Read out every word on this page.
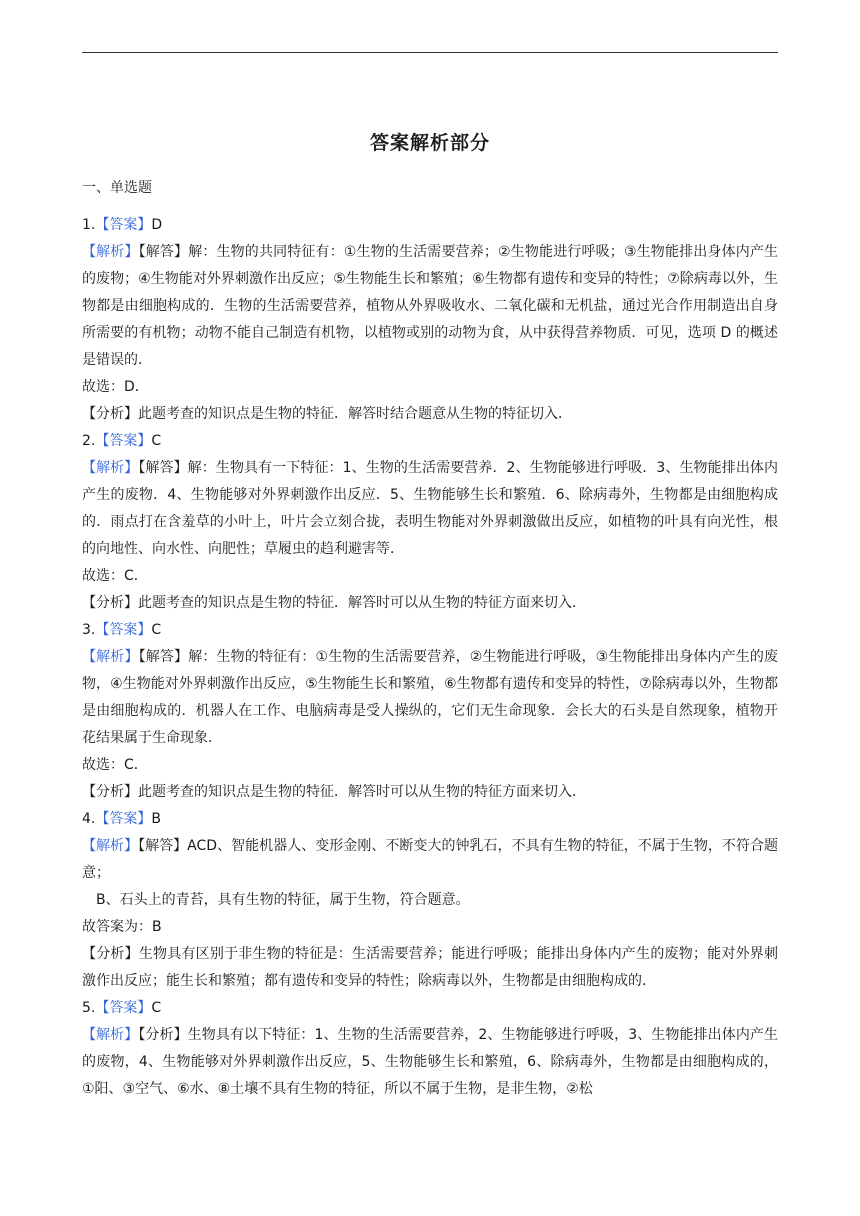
答案解析部分
一、单选题

1.【答案】D

【解析】【解答】解：生物的共同特征有：①生物的生活需要营养；②生物能进行呼吸；③生物能排出身体内产生的废物；④生物能对外界刺激作出反应；⑤生物能生长和繁殖；⑥生物都有遗传和变异的特性；⑦除病毒以外，生物都是由细胞构成的．生物的生活需要营养，植物从外界吸收水、二氧化碳和无机盐，通过光合作用制造出自身所需要的有机物；动物不能自己制造有机物，以植物或别的动物为食，从中获得营养物质．可见，选项 D 的概述是错误的．

故选：D．

【分析】此题考查的知识点是生物的特征．解答时结合题意从生物的特征切入．

2.【答案】C

【解析】【解答】解：生物具有一下特征：1、生物的生活需要营养．2、生物能够进行呼吸．3、生物能排出体内产生的废物．4、生物能够对外界刺激作出反应．5、生物能够生长和繁殖．6、除病毒外，生物都是由细胞构成的．雨点打在含羞草的小叶上，叶片会立刻合拢，表明生物能对外界刺激做出反应，如植物的叶具有向光性，根的向地性、向水性、向肥性；草履虫的趋利避害等．

故选：C．

【分析】此题考查的知识点是生物的特征．解答时可以从生物的特征方面来切入．

3.【答案】C

【解析】【解答】解：生物的特征有：①生物的生活需要营养，②生物能进行呼吸，③生物能排出身体内产生的废物，④生物能对外界刺激作出反应，⑤生物能生长和繁殖，⑥生物都有遗传和变异的特性，⑦除病毒以外，生物都是由细胞构成的．机器人在工作、电脑病毒是受人操纵的，它们无生命现象．会长大的石头是自然现象，植物开花结果属于生命现象．

故选：C．

【分析】此题考查的知识点是生物的特征．解答时可以从生物的特征方面来切入．

4.【答案】B

【解析】【解答】ACD、智能机器人、变形金刚、不断变大的钟乳石，不具有生物的特征，不属于生物，不符合题意；

B、石头上的青苔，具有生物的特征，属于生物，符合题意。

故答案为：B

【分析】生物具有区别于非生物的特征是：生活需要营养；能进行呼吸；能排出身体内产生的废物；能对外界刺激作出反应；能生长和繁殖；都有遗传和变异的特性；除病毒以外，生物都是由细胞构成的．

5.【答案】C

【解析】【分析】生物具有以下特征：1、生物的生活需要营养，2、生物能够进行呼吸，3、生物能排出体内产生的废物，4、生物能够对外界刺激作出反应，5、生物能够生长和繁殖，6、除病毒外，生物都是由细胞构成的，①阳、③空气、⑥水、⑧土壤不具有生物的特征，所以不属于生物，是非生物，②松
